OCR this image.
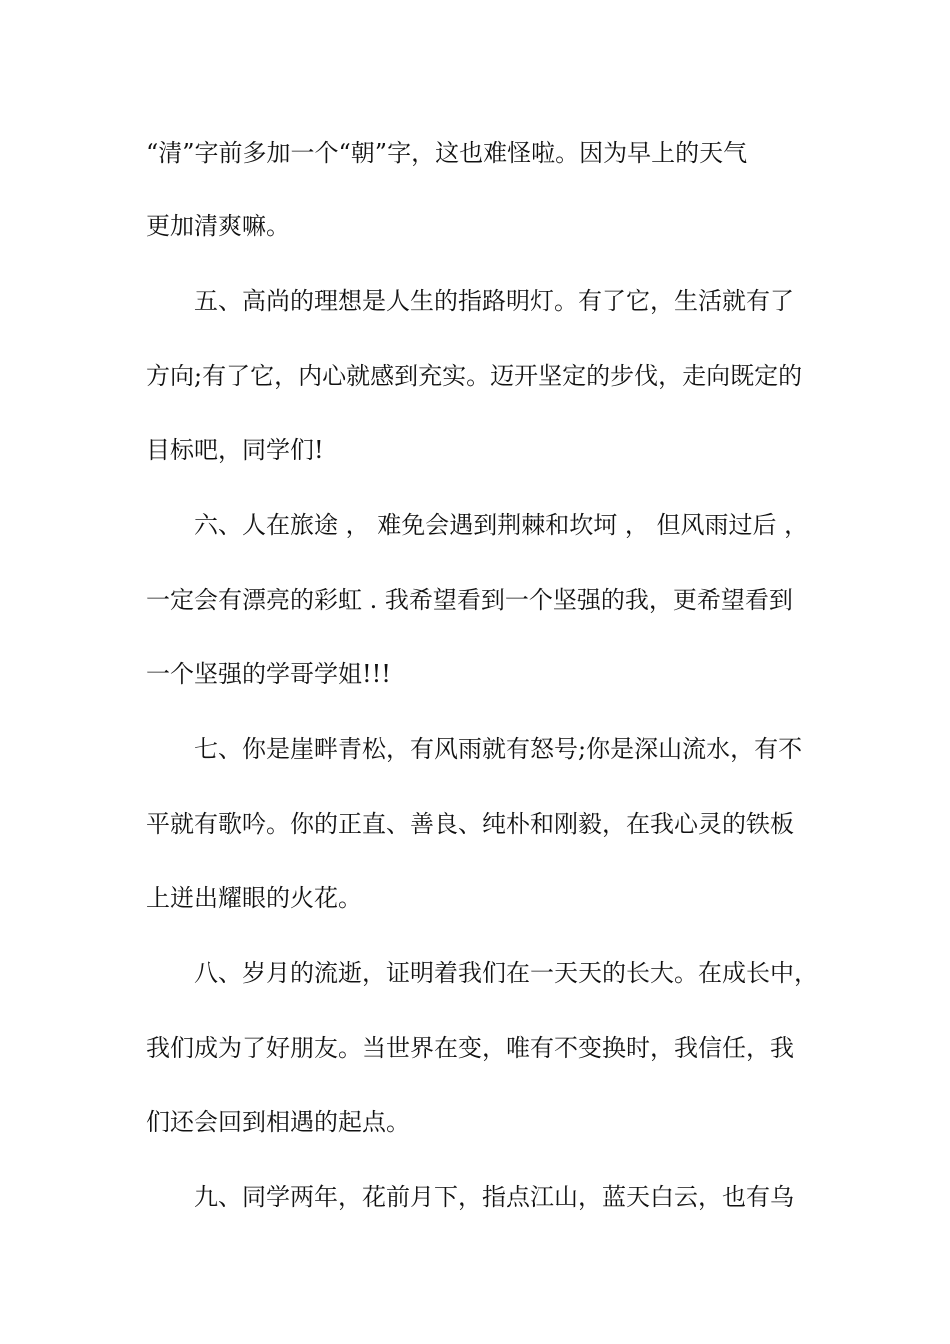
“清”字前多加一个“朝”字，这也难怪啦。因为早上的天气
更加清爽嘛。
五、高尚的理想是人生的指路明灯。有了它，生活就有了
方向;有了它，内心就感到充实。迈开坚定的步伐，走向既定的
目标吧，同学们!
六、人在旅途 ， 难免会遇到荆棘和坎坷 ， 但风雨过后 ，
一定会有漂亮的彩虹 . 我希望看到一个坚强的我，更希望看到
一个坚强的学哥学姐!!!
七、你是崖畔青松，有风雨就有怒号;你是深山流水，有不
平就有歌吟。你的正直、善良、纯朴和刚毅，在我心灵的铁板
上迸出耀眼的火花。
八、岁月的流逝，证明着我们在一天天的长大。在成长中，
我们成为了好朋友。当世界在变，唯有不变换时，我信任，我
们还会回到相遇的起点。
九、同学两年，花前月下，指点江山，蓝天白云，也有乌
